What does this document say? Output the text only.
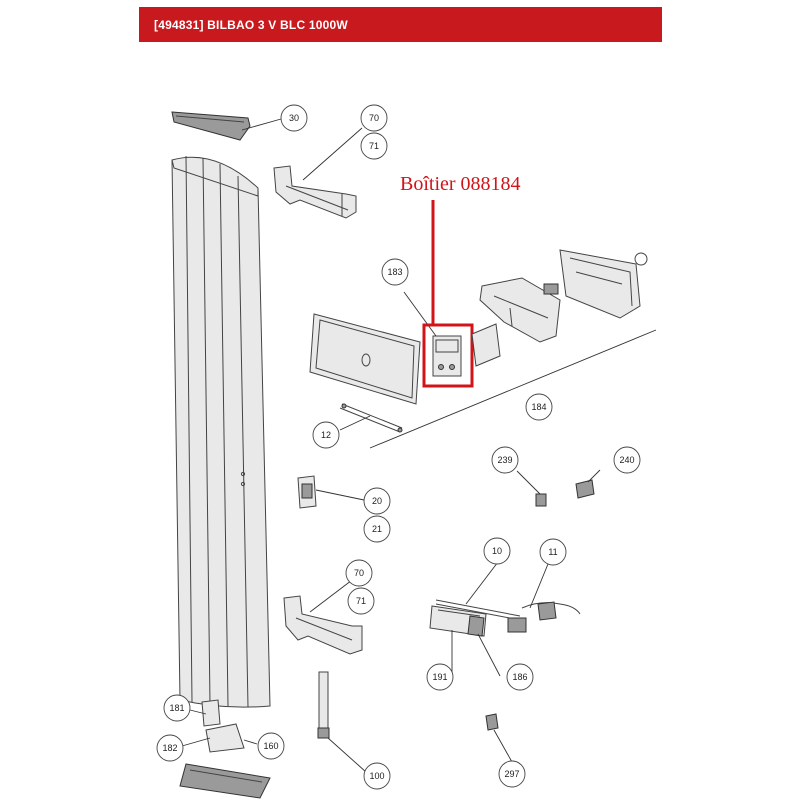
[494831] BILBAO 3 V BLC 1000W
Boîtier 088184
30	70
71
183
184
12
239	240
20
21
10	11
70
71
191	186
181
182	160
100	297
